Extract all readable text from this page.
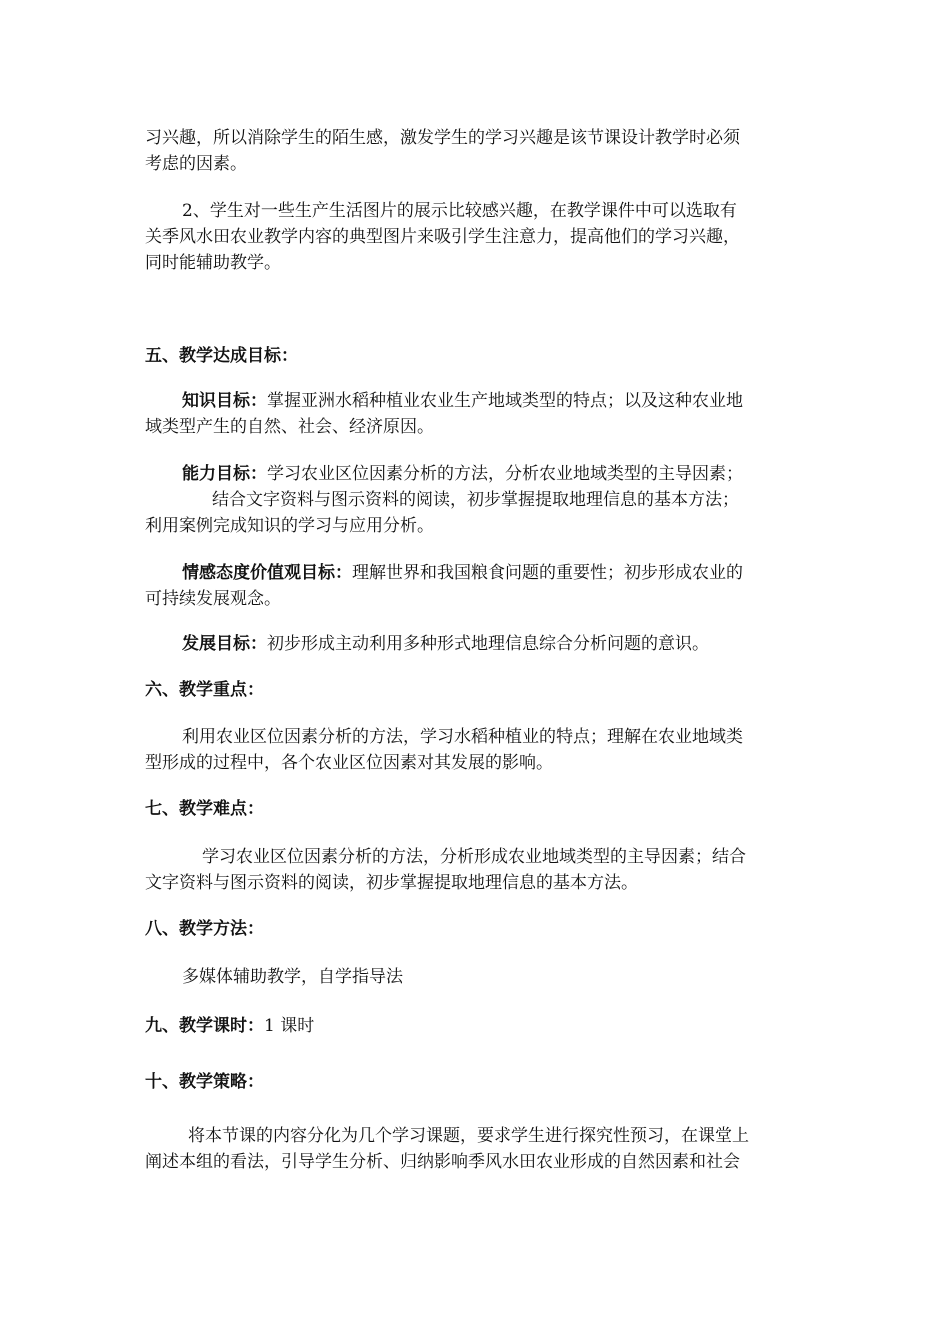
习兴趣，所以消除学生的陌生感，激发学生的学习兴趣是该节课设计教学时必须
考虑的因素。
2、学生对一些生产生活图片的展示比较感兴趣，在教学课件中可以选取有
关季风水田农业教学内容的典型图片来吸引学生注意力，提高他们的学习兴趣，
同时能辅助教学。
五、教学达成目标：
知识目标：掌握亚洲水稻种植业农业生产地域类型的特点；以及这种农业地
域类型产生的自然、社会、经济原因。
能力目标：学习农业区位因素分析的方法，分析农业地域类型的主导因素；
结合文字资料与图示资料的阅读，初步掌握提取地理信息的基本方法；
利用案例完成知识的学习与应用分析。
情感态度价值观目标：理解世界和我国粮食问题的重要性；初步形成农业的
可持续发展观念。
发展目标：初步形成主动利用多种形式地理信息综合分析问题的意识。
六、教学重点：
利用农业区位因素分析的方法，学习水稻种植业的特点；理解在农业地域类
型形成的过程中，各个农业区位因素对其发展的影响。
七、教学难点：
学习农业区位因素分析的方法，分析形成农业地域类型的主导因素；结合
文字资料与图示资料的阅读，初步掌握提取地理信息的基本方法。
八、教学方法：
多媒体辅助教学，自学指导法
九、教学课时：1 课时
十、教学策略：
将本节课的内容分化为几个学习课题，要求学生进行探究性预习，在课堂上
阐述本组的看法，引导学生分析、归纳影响季风水田农业形成的自然因素和社会
